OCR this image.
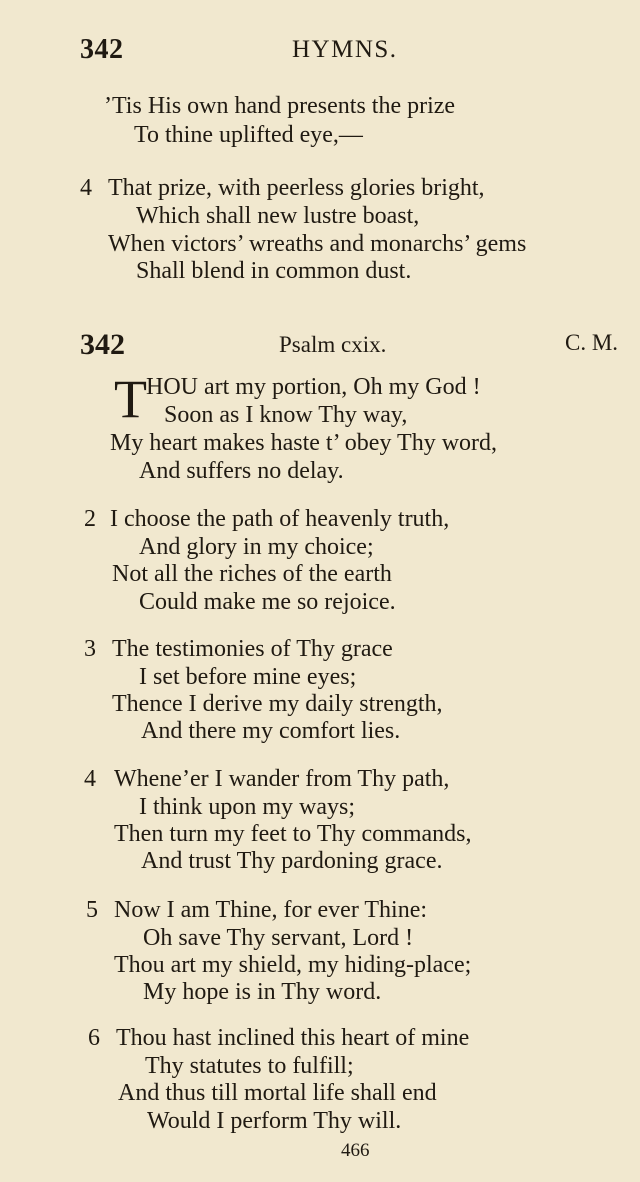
342	HYMNS.
’Tis His own hand presents the prize
To thine uplifted eye,—
4 That prize, with peerless glories bright,
Which shall new lustre boast,
When victors’ wreaths and monarchs’ gems
Shall blend in common dust.
342	Psalm cxix.	C. M.
T HOU art my portion, Oh my God !
Soon as I know Thy way,
My heart makes haste t’ obey Thy word,
And suffers no delay.
2 I choose the path of heavenly truth,
And glory in my choice;
Not all the riches of the earth
Could make me so rejoice.
3 The testimonies of Thy grace
I set before mine eyes;
Thence I derive my daily strength,
And there my comfort lies.
4 Whene’er I wander from Thy path,
I think upon my ways;
Then turn my feet to Thy commands,
And trust Thy pardoning grace.
5 Now I am Thine, for ever Thine:
Oh save Thy servant, Lord !
Thou art my shield, my hiding-place;
My hope is in Thy word.
6 Thou hast inclined this heart of mine
Thy statutes to fulfill;
And thus till mortal life shall end
Would I perform Thy will.
466
